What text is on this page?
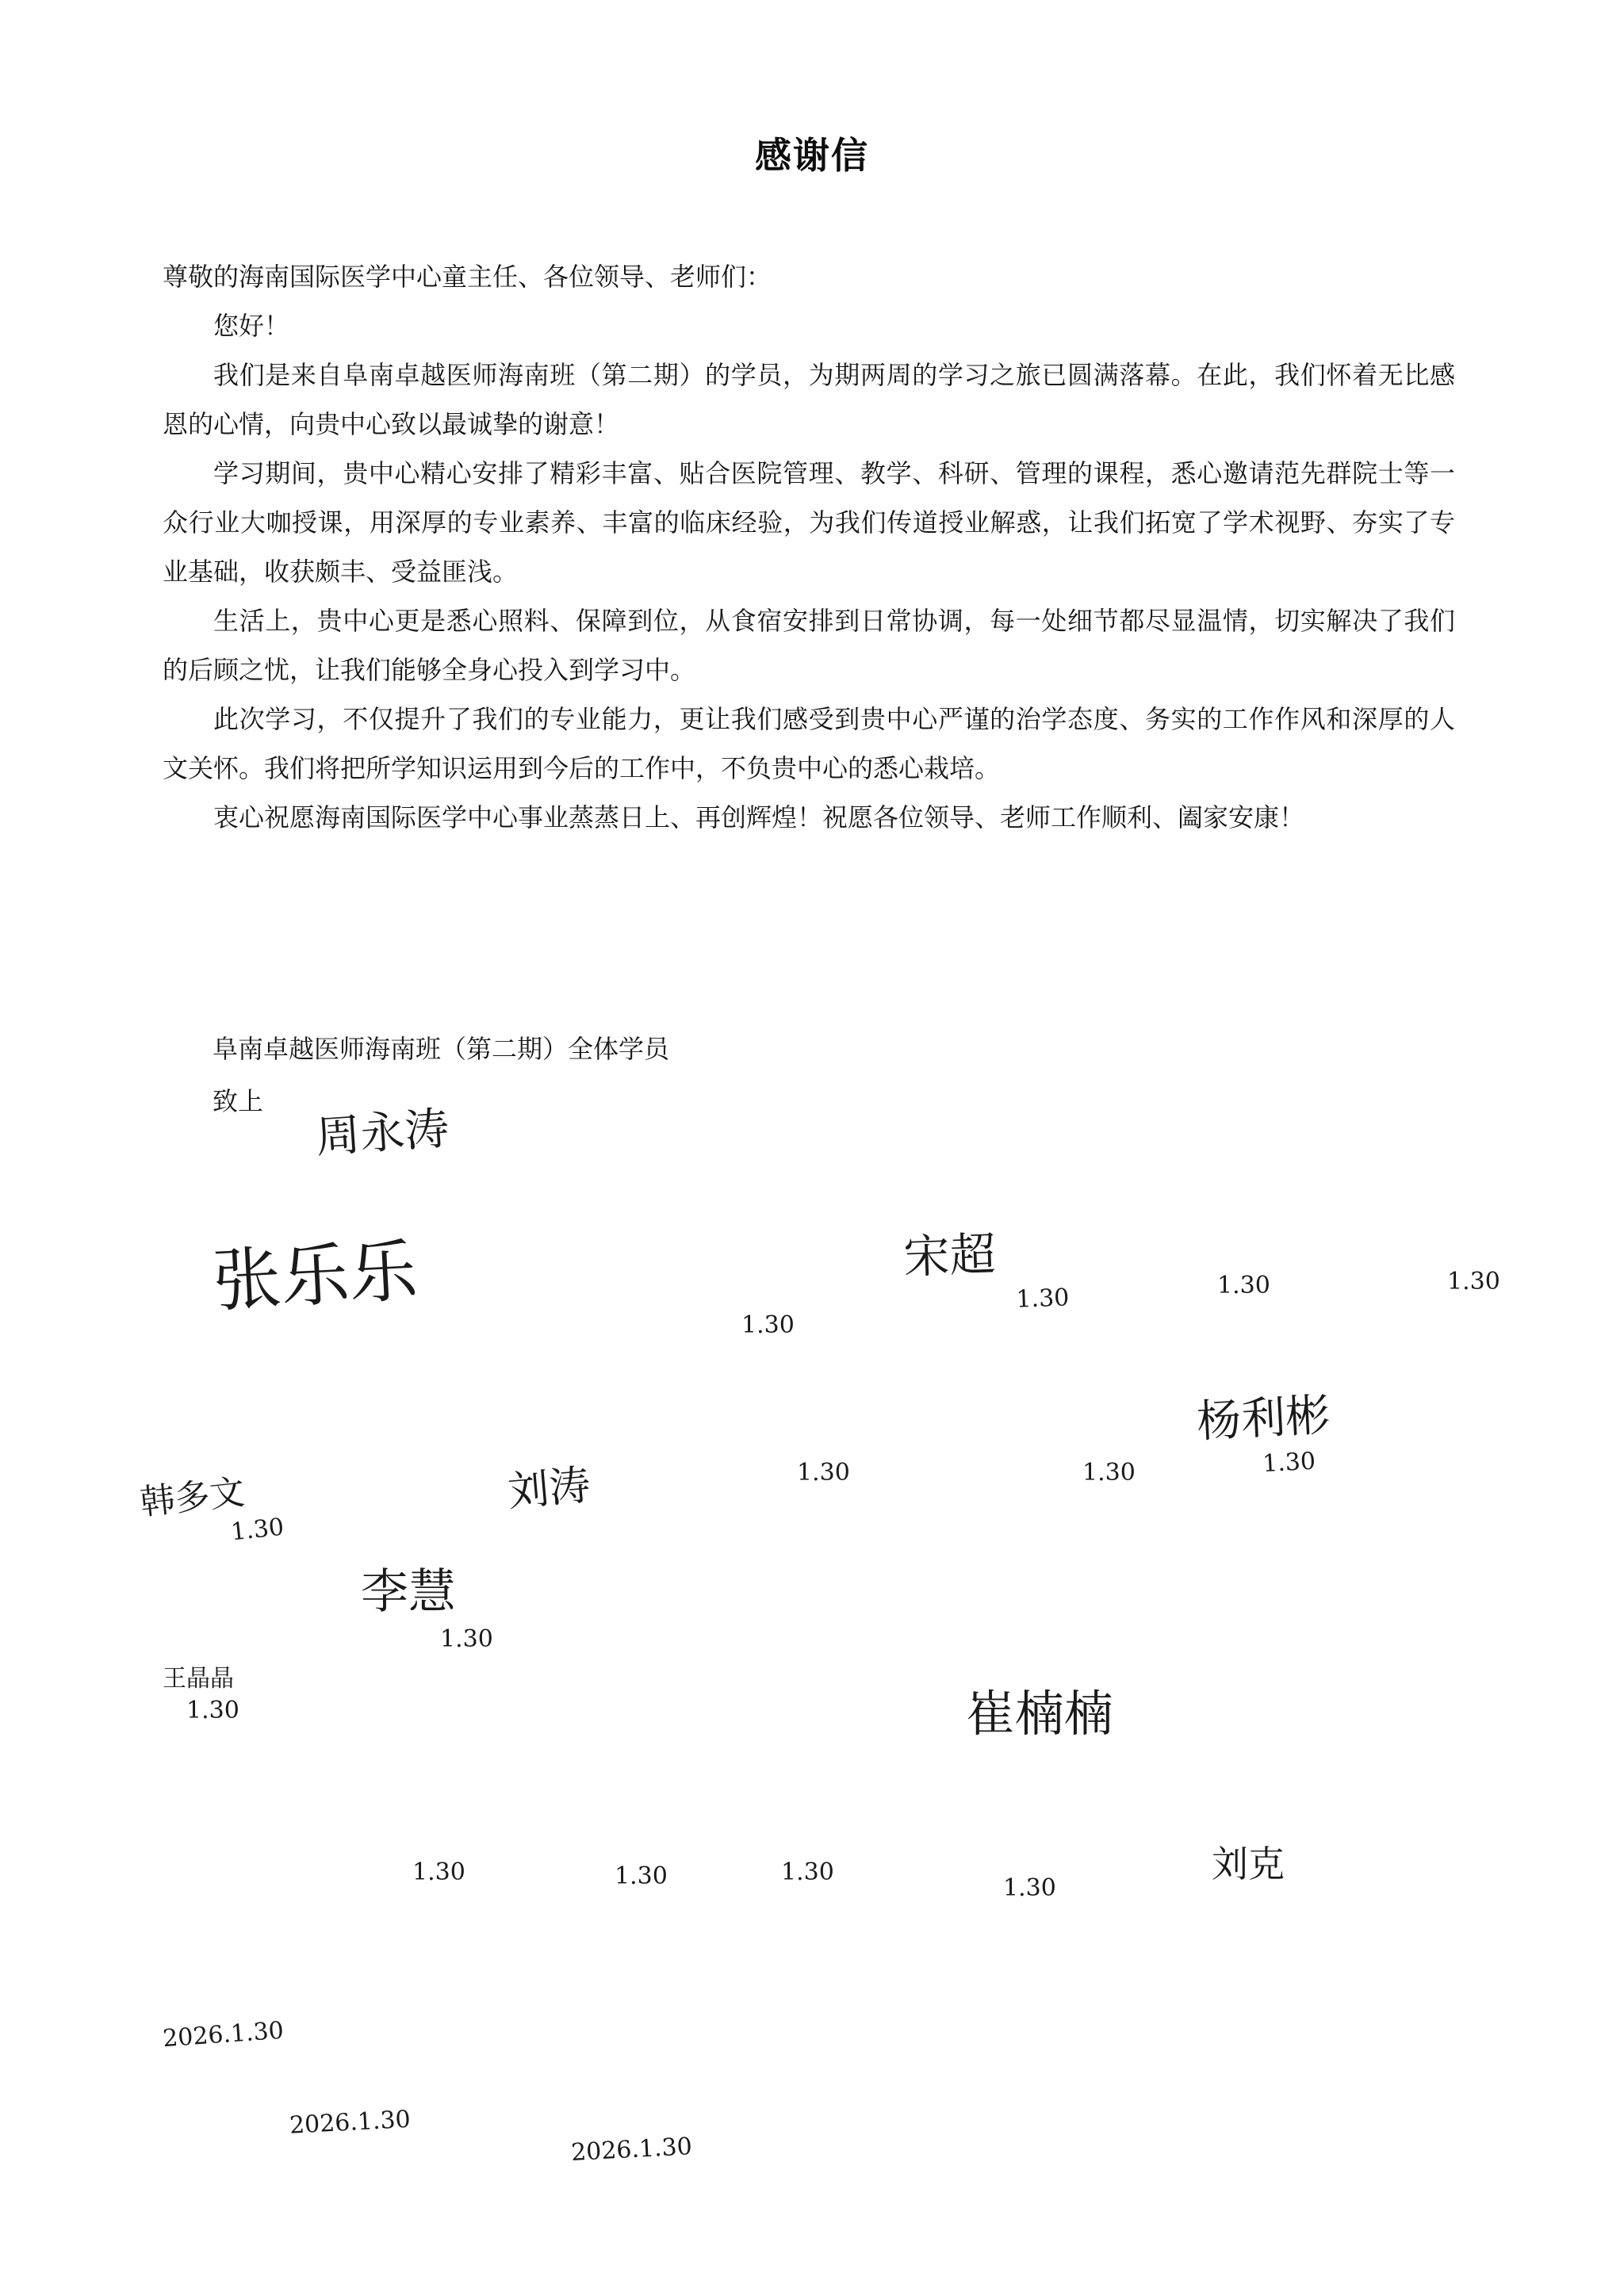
感谢信

尊敬的海南国际医学中心童主任、各位领导、老师们：

您好！

我们是来自阜南卓越医师海南班（第二期）的学员，为期两周的学习之旅已圆满落幕。在此，我们怀着无比感恩的心情，向贵中心致以最诚挚的谢意！

学习期间，贵中心精心安排了精彩丰富、贴合医院管理、教学、科研、管理的课程，悉心邀请范先群院士等一众行业大咖授课，用深厚的专业素养、丰富的临床经验，为我们传道授业解惑，让我们拓宽了学术视野、夯实了专业基础，收获颇丰、受益匪浅。

生活上，贵中心更是悉心照料、保障到位，从食宿安排到日常协调，每一处细节都尽显温情，切实解决了我们的后顾之忧，让我们能够全身心投入到学习中。

此次学习，不仅提升了我们的专业能力，更让我们感受到贵中心严谨的治学态度、务实的工作作风和深厚的人文关怀。我们将把所学知识运用到今后的工作中，不负贵中心的悉心栽培。

衷心祝愿海南国际医学中心事业蒸蒸日上、再创辉煌！祝愿各位领导、老师工作顺利、阖家安康！

阜南卓越医师海南班（第二期）全体学员
致上
周永涛
张乐乐
1.30
宋超
1.30	1.30	1.30
韩多文
1.30
刘涛	1.30	1.30
杨利彬
1.30
李慧
1.30
王晶晶
1.30	崔楠楠
1.30	1.30	1.30
1.30
刘克
2026.1.30
2026.1.30
2026.1.30
